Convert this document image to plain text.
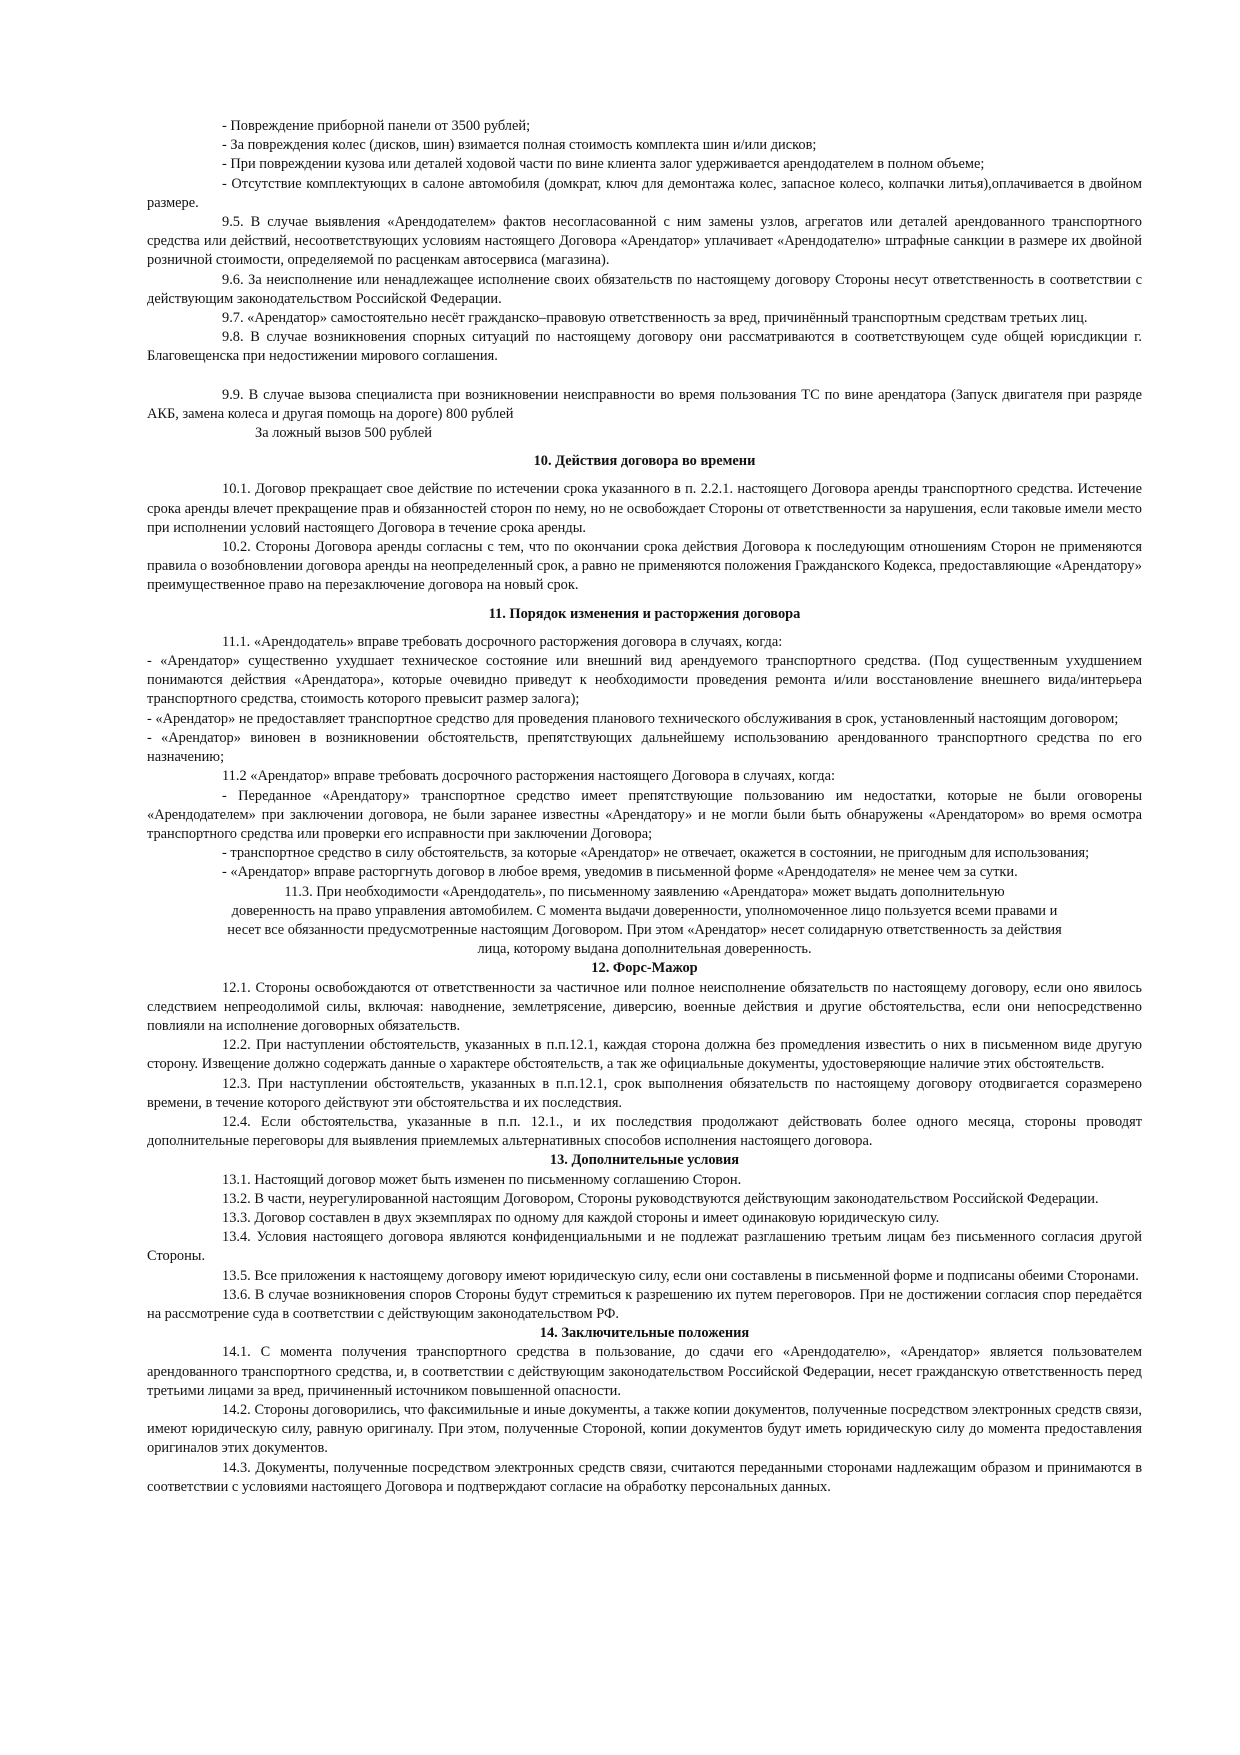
- Повреждение приборной панели от 3500 рублей;

- За повреждения колес (дисков, шин) взимается полная стоимость комплекта шин и/или дисков;

- При повреждении кузова или деталей ходовой части по вине клиента залог удерживается арендодателем в полном объеме;

- Отсутствие комплектующих в салоне автомобиля (домкрат, ключ для демонтажа колес, запасное колесо, колпачки литья),оплачивается в двойном размере.

9.5. В случае выявления «Арендодателем» фактов несогласованной с ним замены узлов, агрегатов или деталей арендованного транспортного средства или действий, несоответствующих условиям настоящего Договора «Арендатор» уплачивает «Арендодателю» штрафные санкции в размере их двойной розничной стоимости, определяемой по расценкам автосервиса (магазина).

9.6. За неисполнение или ненадлежащее исполнение своих обязательств по настоящему договору Стороны несут ответственность в соответствии с действующим законодательством Российской Федерации.

9.7. «Арендатор» самостоятельно несёт гражданско–правовую ответственность за вред, причинённый транспортным средствам третьих лиц.

9.8. В случае возникновения спорных ситуаций по настоящему договору они рассматриваются в соответствующем суде общей юрисдикции г. Благовещенска при недостижении мирового соглашения.

9.9. В случае вызова специалиста при возникновении неисправности во время пользования ТС по вине арендатора (Запуск двигателя при разряде АКБ, замена колеса и другая помощь на дороге) 800 рублей

За ложный вызов 500 рублей

10. Действия договора во времени

10.1. Договор прекращает свое действие по истечении срока указанного в п. 2.2.1. настоящего Договора аренды транспортного средства. Истечение срока аренды влечет прекращение прав и обязанностей сторон по нему, но не освобождает Стороны от ответственности за нарушения, если таковые имели место при исполнении условий настоящего Договора в течение срока аренды.

10.2. Стороны Договора аренды согласны с тем, что по окончании срока действия Договора к последующим отношениям Сторон не применяются правила о возобновлении договора аренды на неопределенный срок, а равно не применяются положения Гражданского Кодекса, предоставляющие «Арендатору» преимущественное право на перезаключение договора на новый срок.

11. Порядок изменения и расторжения договора

11.1. «Арендодатель» вправе требовать досрочного расторжения договора в случаях, когда:

- «Арендатор» существенно ухудшает техническое состояние или внешний вид арендуемого транспортного средства. (Под существенным ухудшением понимаются действия «Арендатора», которые очевидно приведут к необходимости проведения ремонта и/или восстановление внешнего вида/интерьера транспортного средства, стоимость которого превысит размер залога);

- «Арендатор» не предоставляет транспортное средство для проведения планового технического обслуживания в срок, установленный настоящим договором;

- «Арендатор» виновен в возникновении обстоятельств, препятствующих дальнейшему использованию арендованного транспортного средства по его назначению;

11.2 «Арендатор» вправе требовать досрочного расторжения настоящего Договора в случаях, когда:

- Переданное «Арендатору» транспортное средство имеет препятствующие пользованию им недостатки, которые не были оговорены «Арендодателем» при заключении договора, не были заранее известны «Арендатору» и не могли были быть обнаружены «Арендатором» во время осмотра транспортного средства или проверки его исправности при заключении Договора;

- транспортное средство в силу обстоятельств, за которые «Арендатор» не отвечает, окажется в состоянии, не пригодным для использования;

- «Арендатор» вправе расторгнуть договор в любое время, уведомив в письменной форме «Арендодателя» не менее чем за сутки.

11.3. При необходимости «Арендодатель», по письменному заявлению «Арендатора» может выдать дополнительную
доверенность на право управления автомобилем. С момента выдачи доверенности, уполномоченное лицо пользуется всеми правами и
несет все обязанности предусмотренные настоящим Договором. При этом «Арендатор» несет солидарную ответственность за действия
лица, которому выдана дополнительная доверенность.

12. Форс-Мажор

12.1. Стороны освобождаются от ответственности за частичное или полное неисполнение обязательств по настоящему договору, если оно явилось следствием непреодолимой силы, включая: наводнение, землетрясение, диверсию, военные действия и другие обстоятельства, если они непосредственно повлияли на исполнение договорных обязательств.

12.2. При наступлении обстоятельств, указанных в п.п.12.1, каждая сторона должна без промедления известить о них в письменном виде другую сторону. Извещение должно содержать данные о характере обстоятельств, а так же официальные документы, удостоверяющие наличие этих обстоятельств.

12.3. При наступлении обстоятельств, указанных в п.п.12.1, срок выполнения обязательств по настоящему договору отодвигается соразмерено времени, в течение которого действуют эти обстоятельства и их последствия.

12.4. Если обстоятельства, указанные в п.п. 12.1., и их последствия продолжают действовать более одного месяца, стороны проводят дополнительные переговоры для выявления приемлемых альтернативных способов исполнения настоящего договора.

13. Дополнительные условия

13.1. Настоящий договор может быть изменен по письменному соглашению Сторон.

13.2. В части, неурегулированной настоящим Договором, Стороны руководствуются действующим законодательством Российской Федерации.

13.3. Договор составлен в двух экземплярах по одному для каждой стороны и имеет одинаковую юридическую силу.

13.4. Условия настоящего договора являются конфиденциальными и не подлежат разглашению третьим лицам без письменного согласия другой Стороны.

13.5. Все приложения к настоящему договору имеют юридическую силу, если они составлены в письменной форме и подписаны обеими Сторонами.

13.6. В случае возникновения споров Стороны будут стремиться к разрешению их путем переговоров. При не достижении согласия спор передаётся на рассмотрение суда в соответствии с действующим законодательством РФ.

14. Заключительные положения

14.1. С момента получения транспортного средства в пользование, до сдачи его «Арендодателю», «Арендатор» является пользователем арендованного транспортного средства, и, в соответствии с действующим законодательством Российской Федерации, несет гражданскую ответственность перед третьими лицами за вред, причиненный источником повышенной опасности.

14.2. Стороны договорились, что факсимильные и иные документы, а также копии документов, полученные посредством электронных средств связи, имеют юридическую силу, равную оригиналу. При этом, полученные Стороной, копии документов будут иметь юридическую силу до момента предоставления оригиналов этих документов.

14.3. Документы, полученные посредством электронных средств связи, считаются переданными сторонами надлежащим образом и принимаются в соответствии с условиями настоящего Договора и подтверждают согласие на обработку персональных данных.
